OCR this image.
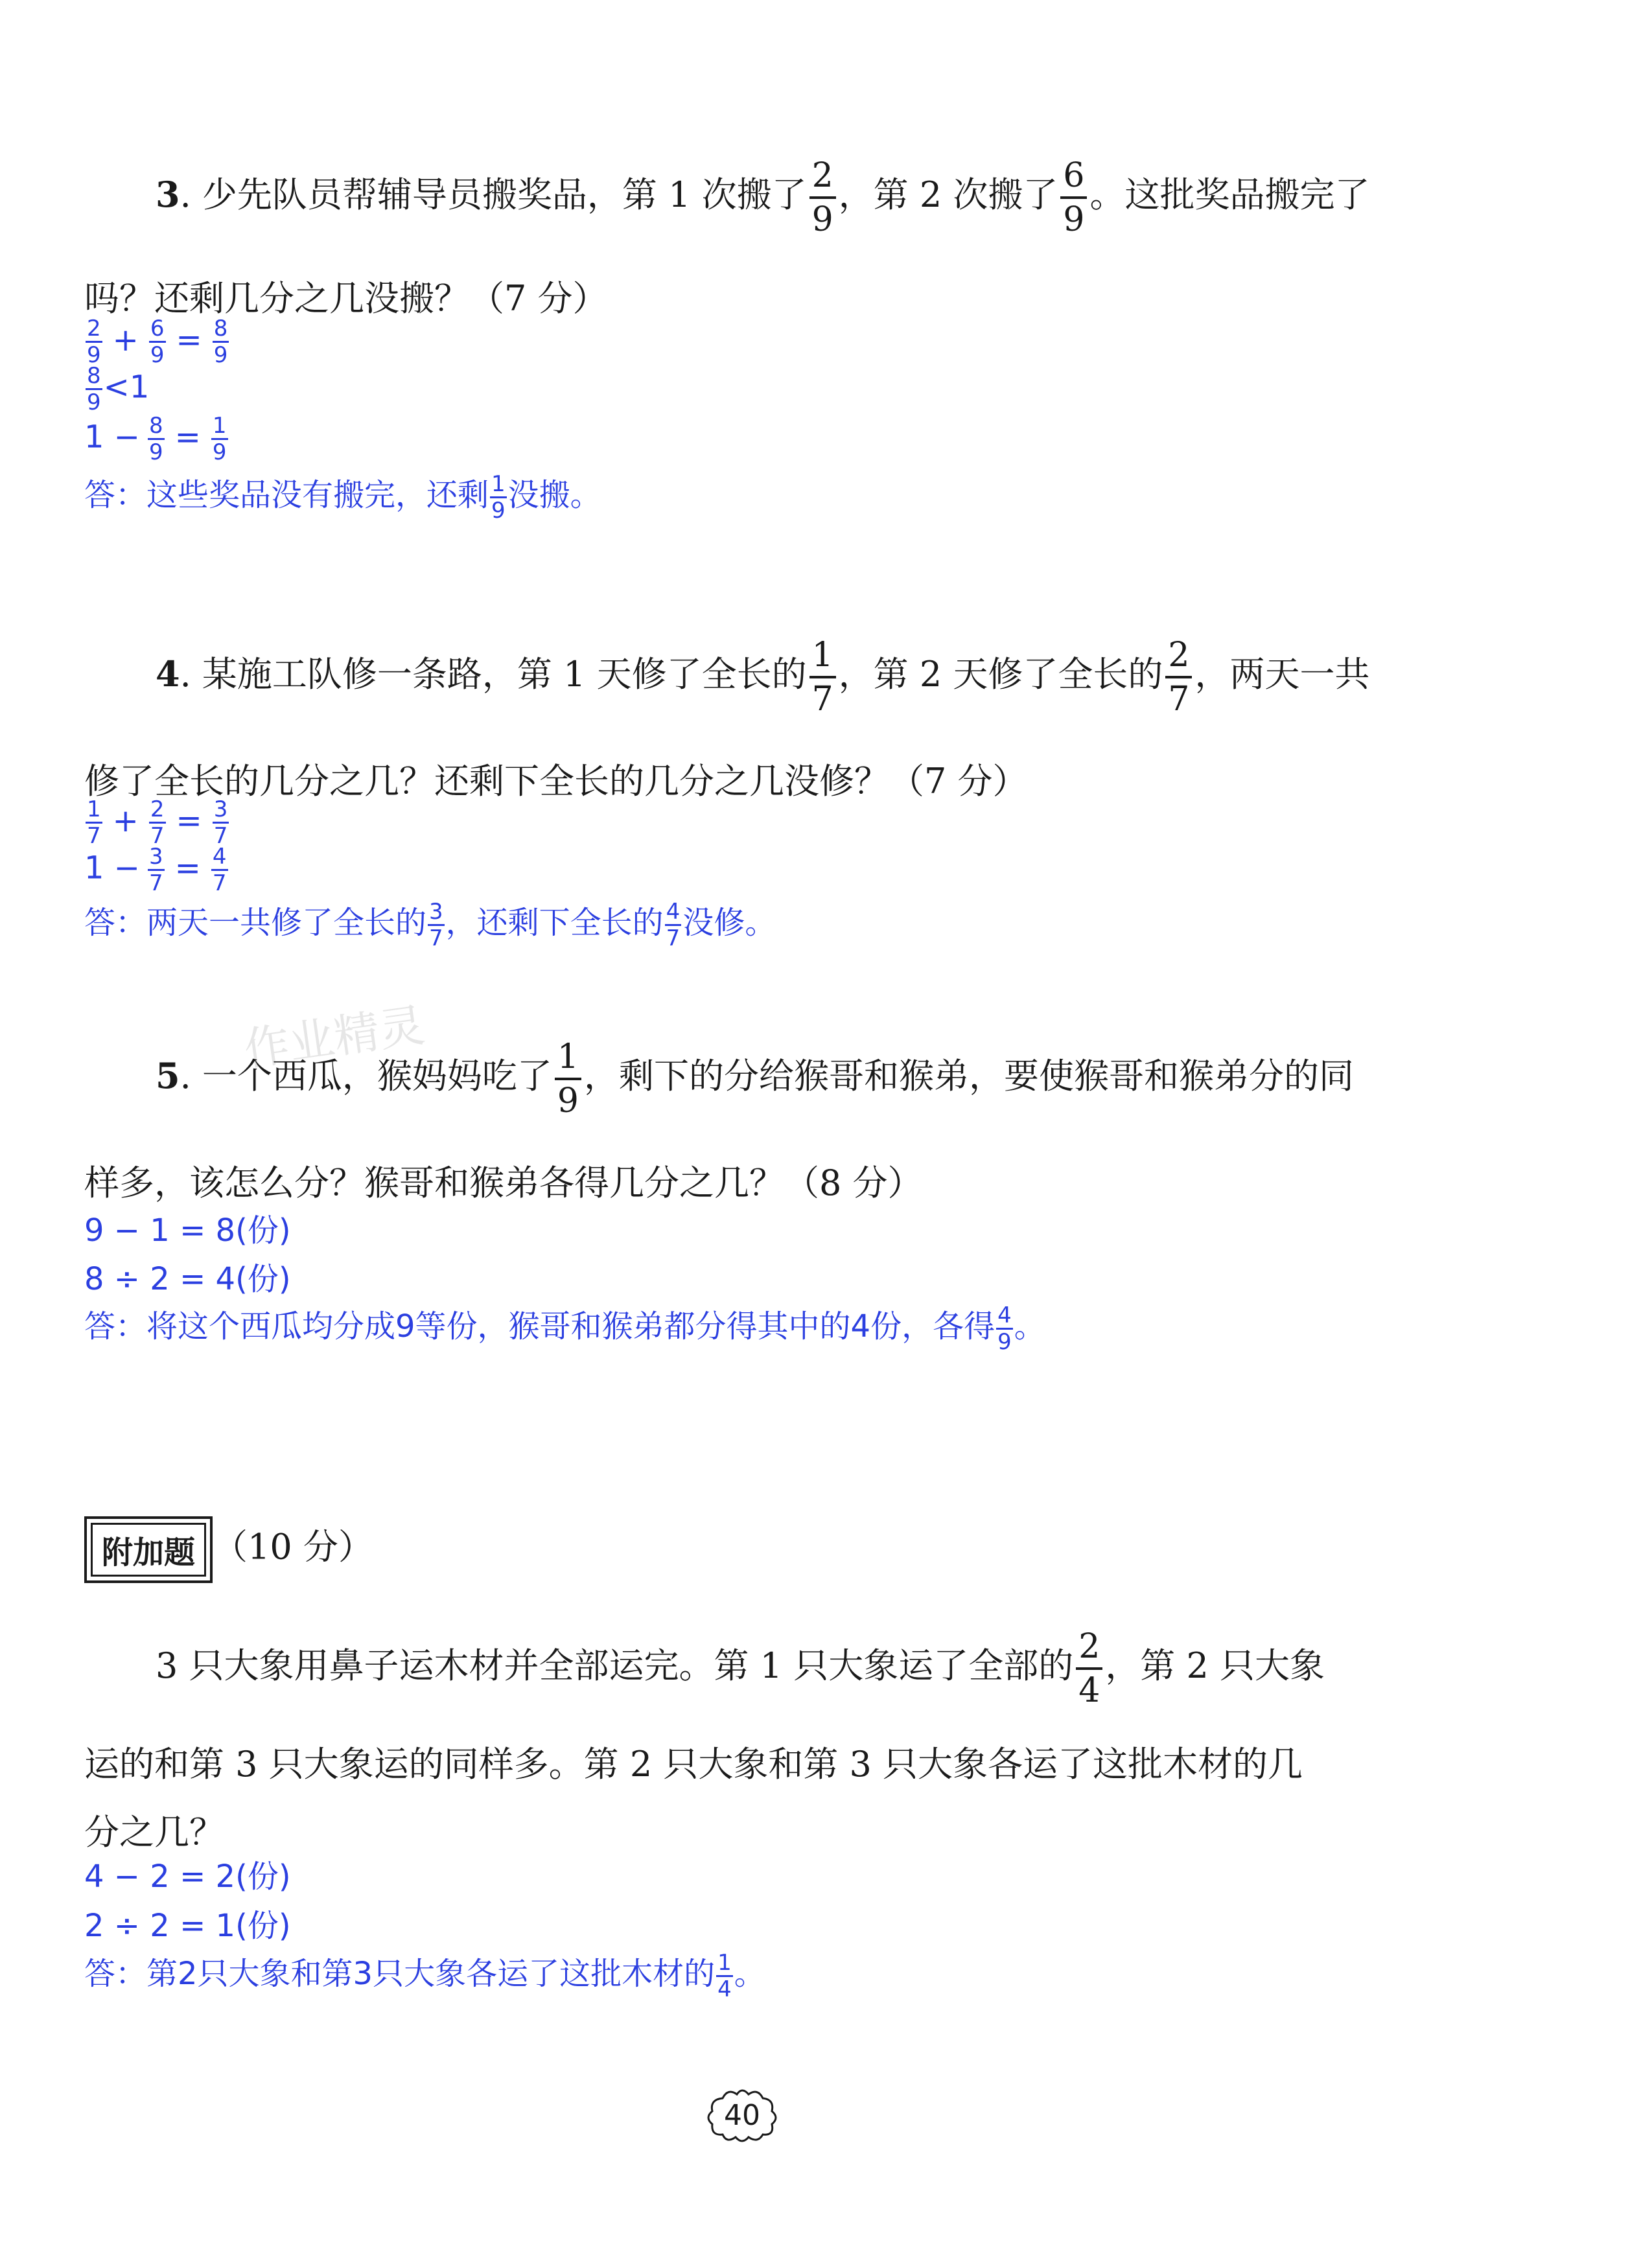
作业精灵
3. 少先队员帮辅导员搬奖品，第 1 次搬了 $\frac{2}{9}$ ，第 2 次搬了 $\frac{6}{9}$ 。这批奖品搬完了
吗？还剩几分之几没搬？（7 分）
$\frac{2}{9} + \frac{6}{9} = \frac{8}{9}$
$\frac{8}{9} <1$
$1 - \frac{8}{9} = \frac{1}{9}$
答：这些奖品没有搬完，还剩 $\frac{1}{9}$ 没搬。
4. 某施工队修一条路，第 1 天修了全长的 $\frac{1}{7}$ ，第 2 天修了全长的 $\frac{2}{7}$ ，两天一共
修了全长的几分之几？还剩下全长的几分之几没修？（7 分）
$\frac{1}{7} + \frac{2}{7} = \frac{3}{7}$
$1 - \frac{3}{7} = \frac{4}{7}$
答：两天一共修了全长的 $\frac{3}{7}$ ，还剩下全长的 $\frac{4}{7}$ 没修。
5. 一个西瓜，猴妈妈吃了 $\frac{1}{9}$ ，剩下的分给猴哥和猴弟，要使猴哥和猴弟分的同
样多，该怎么分？猴哥和猴弟各得几分之几？（8 分）
9 − 1 = 8(份)
8 ÷ 2 = 4(份)
答：将这个西瓜均分成9等份，猴哥和猴弟都分得其中的4份，各得 $\frac{4}{9}$ 。
附加题 （10 分）
3 只大象用鼻子运木材并全部运完。第 1 只大象运了全部的 $\frac{2}{4}$ ，第 2 只大象
运的和第 3 只大象运的同样多。第 2 只大象和第 3 只大象各运了这批木材的几
分之几？
4 − 2 = 2(份)
2 ÷ 2 = 1(份)
答：第2只大象和第3只大象各运了这批木材的 $\frac{1}{4}$ 。
40
